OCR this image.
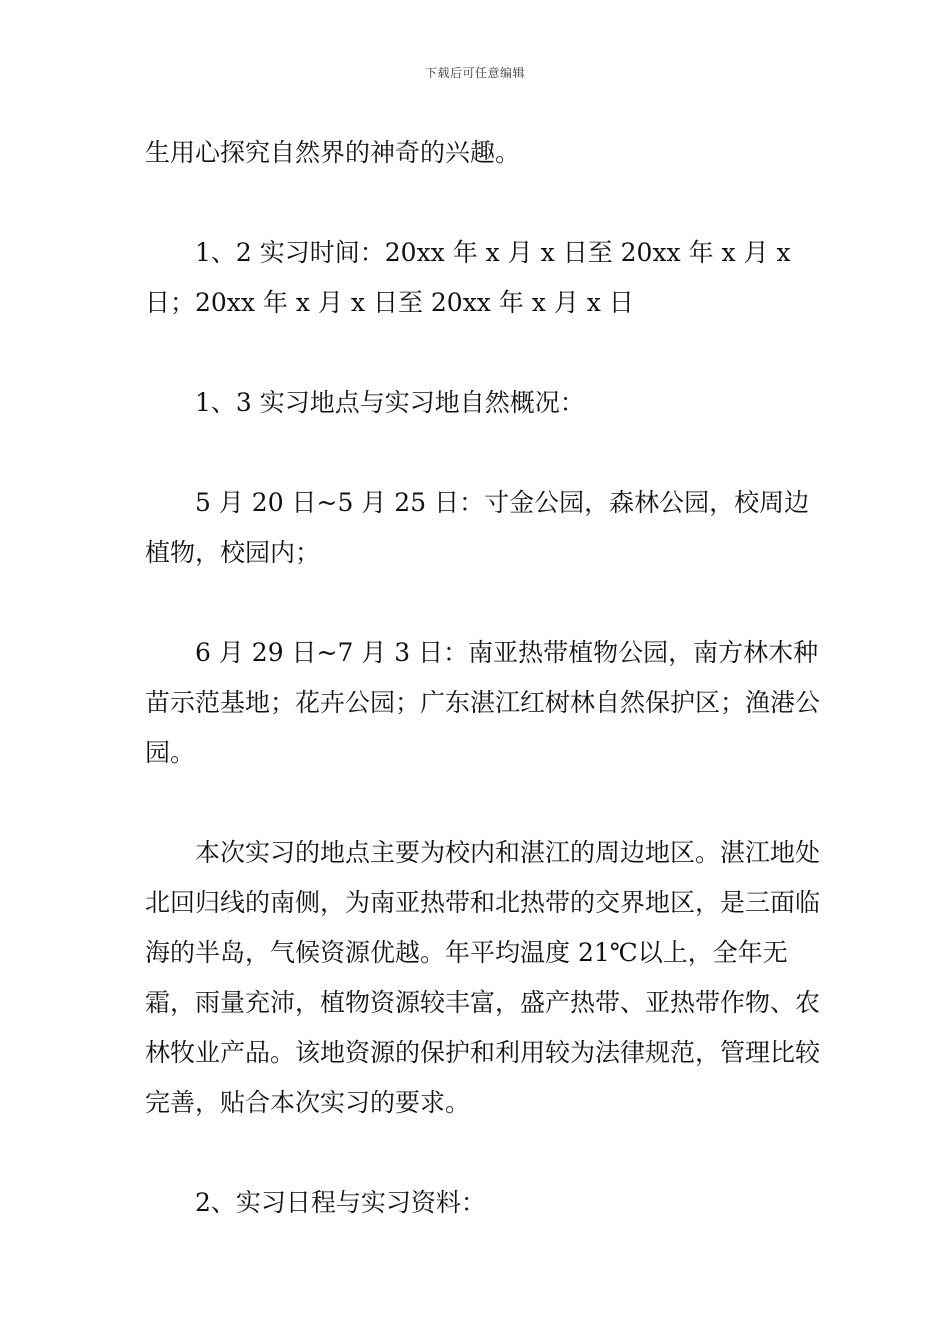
下载后可任意编辑

生用心探究自然界的神奇的兴趣。

1、2 实习时间：20xx 年 x 月 x 日至 20xx 年 x 月 x 日；20xx 年 x 月 x 日至 20xx 年 x 月 x 日

1、3 实习地点与实习地自然概况：

5 月 20 日~5 月 25 日：寸金公园，森林公园，校周边植物，校园内；

6 月 29 日~7 月 3 日：南亚热带植物公园，南方林木种苗示范基地；花卉公园；广东湛江红树林自然保护区；渔港公园。

本次实习的地点主要为校内和湛江的周边地区。湛江地处北回归线的南侧，为南亚热带和北热带的交界地区，是三面临海的半岛，气候资源优越。年平均温度 21℃以上，全年无霜，雨量充沛，植物资源较丰富，盛产热带、亚热带作物、农林牧业产品。该地资源的保护和利用较为法律规范，管理比较完善，贴合本次实习的要求。

2、实习日程与实习资料：
